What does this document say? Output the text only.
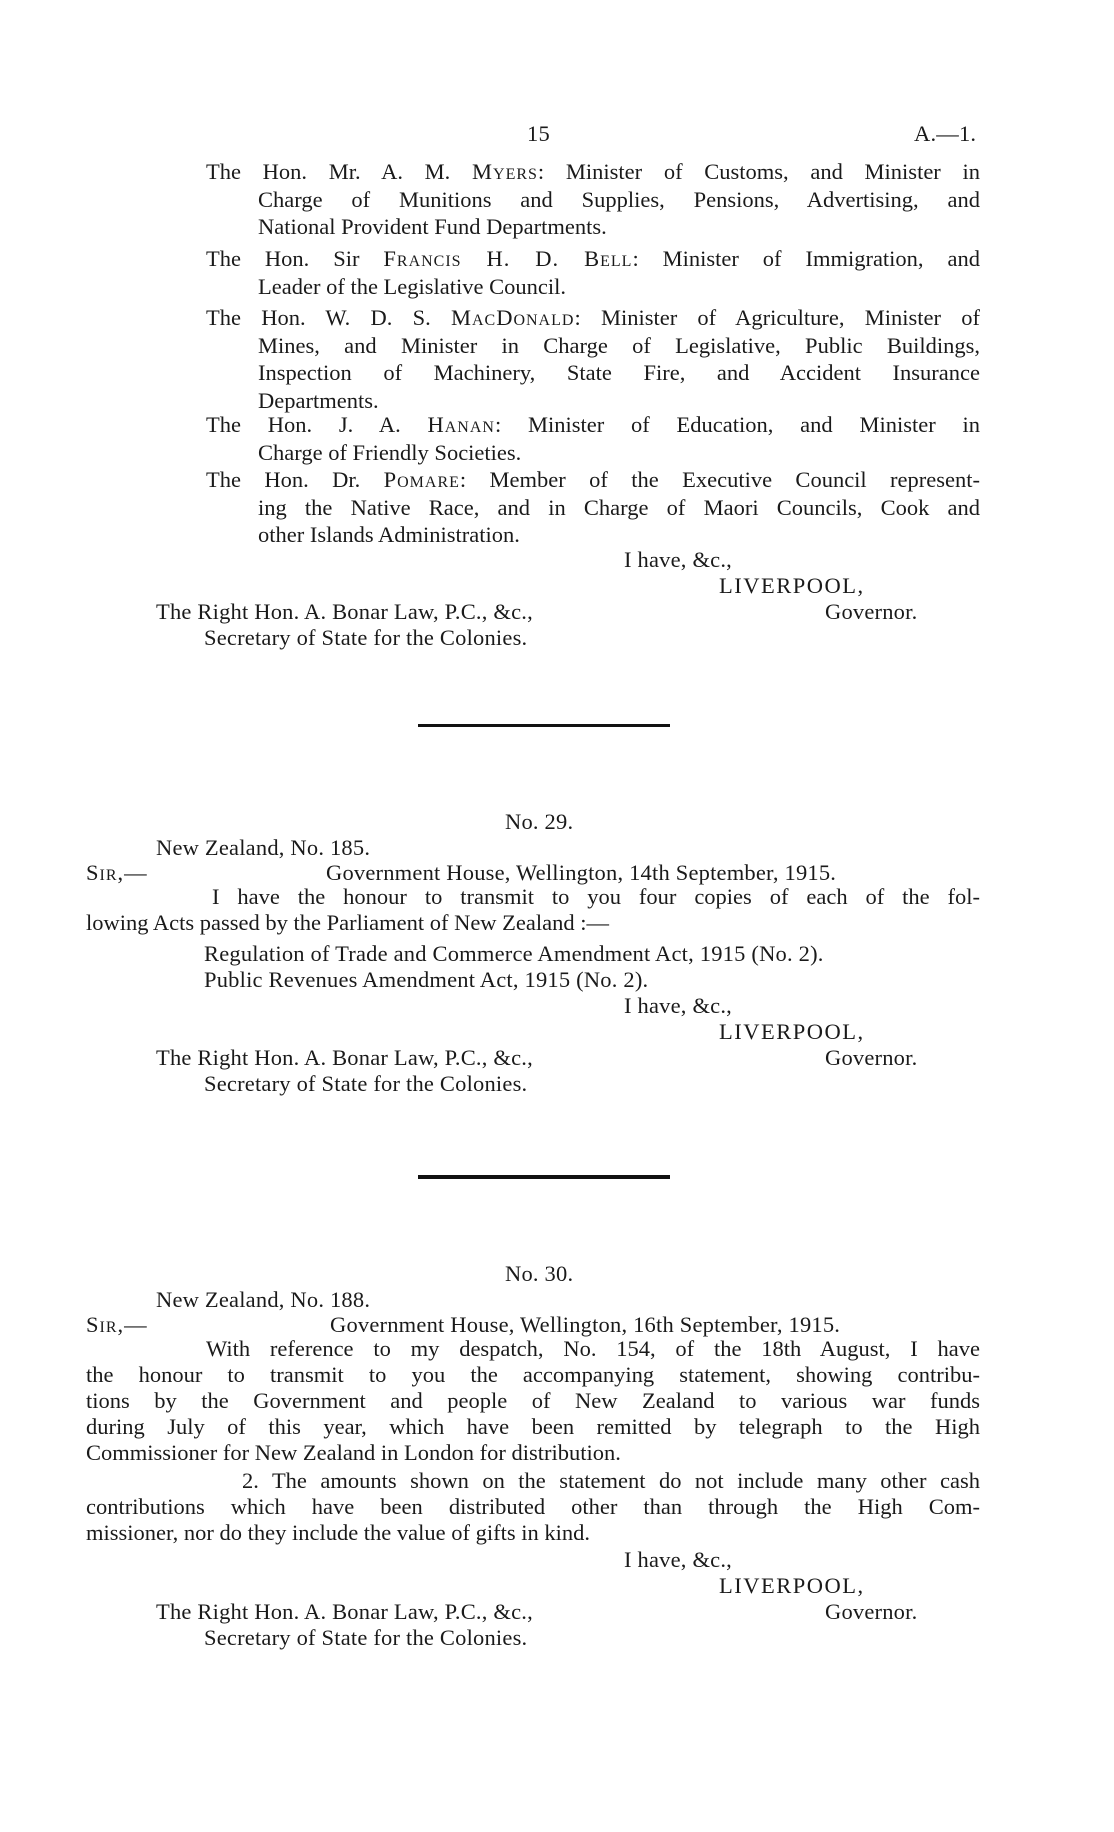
15	A.—1.
The Hon. Mr. A. M. Myers: Minister of Customs, and Minister in
Charge of Munitions and Supplies, Pensions, Advertising, and
National Provident Fund Departments.
The Hon. Sir Francis H. D. Bell: Minister of Immigration, and
Leader of the Legislative Council.
The Hon. W. D. S. MacDonald: Minister of Agriculture, Minister of
Mines, and Minister in Charge of Legislative, Public Buildings,
Inspection of Machinery, State Fire, and Accident Insurance
Departments.
The Hon. J. A. Hanan: Minister of Education, and Minister in
Charge of Friendly Societies.
The Hon. Dr. Pomare: Member of the Executive Council represent-
ing the Native Race, and in Charge of Maori Councils, Cook and
other Islands Administration.
I have, &c.,
LIVERPOOL,
The Right Hon. A. Bonar Law, P.C., &c.,	Governor.
Secretary of State for the Colonies.
No. 29.
New Zealand, No. 185.
Sir,—	Government House, Wellington, 14th September, 1915.
I have the honour to transmit to you four copies of each of the fol-
lowing Acts passed by the Parliament of New Zealand :—
Regulation of Trade and Commerce Amendment Act, 1915 (No. 2).
Public Revenues Amendment Act, 1915 (No. 2).
I have, &c.,
LIVERPOOL,
The Right Hon. A. Bonar Law, P.C., &c.,	Governor.
Secretary of State for the Colonies.
No. 30.
New Zealand, No. 188.
Sir,—	Government House, Wellington, 16th September, 1915.
With reference to my despatch, No. 154, of the 18th August, I have
the honour to transmit to you the accompanying statement, showing contribu-
tions by the Government and people of New Zealand to various war funds
during July of this year, which have been remitted by telegraph to the High
Commissioner for New Zealand in London for distribution.
2. The amounts shown on the statement do not include many other cash
contributions which have been distributed other than through the High Com-
missioner, nor do they include the value of gifts in kind.
I have, &c.,
LIVERPOOL,
The Right Hon. A. Bonar Law, P.C., &c.,	Governor.
Secretary of State for the Colonies.
